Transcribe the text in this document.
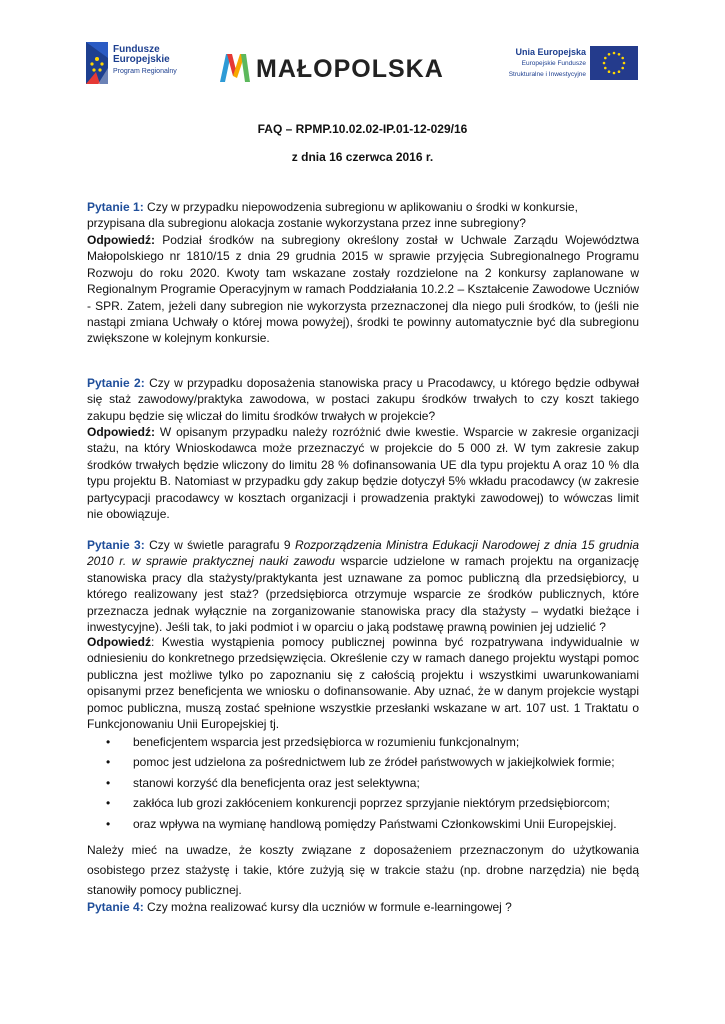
Fundusze
Europejskie
Program Regionalny	MAŁOPOLSKA
Unia Europejska
Europejskie Fundusze
Strukturalne i Inwestycyjne
FAQ – RPMP.10.02.02-IP.01-12-029/16
z dnia 16 czerwca 2016 r.
Pytanie 1: Czy w przypadku niepowodzenia subregionu w aplikowaniu o środki w konkursie, przypisana dla subregionu alokacja zostanie wykorzystana przez inne subregiony?
Odpowiedź: Podział środków na subregiony określony został w Uchwale Zarządu Województwa Małopolskiego nr 1810/15 z dnia 29 grudnia 2015 w sprawie przyjęcia Subregionalnego Programu Rozwoju do roku 2020. Kwoty tam wskazane zostały rozdzielone na 2 konkursy zaplanowane w Regionalnym Programie Operacyjnym w ramach Poddziałania 10.2.2 – Kształcenie Zawodowe Uczniów - SPR. Zatem, jeżeli dany subregion nie wykorzysta przeznaczonej dla niego puli środków, to (jeśli nie nastąpi zmiana Uchwały o której mowa powyżej), środki te powinny automatycznie być dla subregionu zwiększone w kolejnym konkursie.
Pytanie 2: Czy w przypadku doposażenia stanowiska pracy u Pracodawcy, u którego będzie odbywał się staż zawodowy/praktyka zawodowa, w postaci zakupu środków trwałych to czy koszt takiego zakupu będzie się wliczał do limitu środków trwałych w projekcie?
Odpowiedź: W opisanym przypadku należy rozróżnić dwie kwestie. Wsparcie w zakresie organizacji stażu, na który Wnioskodawca może przeznaczyć w projekcie do 5 000 zł. W tym zakresie zakup środków trwałych będzie wliczony do limitu 28 % dofinansowania UE dla typu projektu A oraz 10 % dla typu projektu B. Natomiast w przypadku gdy zakup będzie dotyczył 5% wkładu pracodawcy (w zakresie partycypacji pracodawcy w kosztach organizacji i prowadzenia praktyki zawodowej) to wówczas limit nie obowiązuje.
Pytanie 3: Czy w świetle paragrafu 9 Rozporządzenia Ministra Edukacji Narodowej z dnia 15 grudnia 2010 r. w sprawie praktycznej nauki zawodu wsparcie udzielone w ramach projektu na organizację stanowiska pracy dla stażysty/praktykanta jest uznawane za pomoc publiczną dla przedsiębiorcy, u którego realizowany jest staż? (przedsiębiorca otrzymuje wsparcie ze środków publicznych, które przeznacza jednak wyłącznie na zorganizowanie stanowiska pracy dla stażysty – wydatki bieżące i inwestycyjne). Jeśli tak, to jaki podmiot i w oparciu o jaką podstawę prawną powinien jej udzielić ?
Odpowiedź: Kwestia wystąpienia pomocy publicznej powinna być rozpatrywana indywidualnie w odniesieniu do konkretnego przedsięwzięcia. Określenie czy w ramach danego projektu wystąpi pomoc publiczna jest możliwe tylko po zapoznaniu się z całością projektu i wszystkimi uwarunkowaniami opisanymi przez beneficjenta we wniosku o dofinansowanie. Aby uznać, że w danym projekcie wystąpi pomoc publiczna, muszą zostać spełnione wszystkie przesłanki wskazane w art. 107 ust. 1 Traktatu o Funkcjonowaniu Unii Europejskiej tj.
• beneficjentem wsparcia jest przedsiębiorca w rozumieniu funkcjonalnym;
• pomoc jest udzielona za pośrednictwem lub ze źródeł państwowych w jakiejkolwiek formie;
• stanowi korzyść dla beneficjenta oraz jest selektywna;
• zakłóca lub grozi zakłóceniem konkurencji poprzez sprzyjanie niektórym przedsiębiorcom;
• oraz wpływa na wymianę handlową pomiędzy Państwami Członkowskimi Unii Europejskiej.
Należy mieć na uwadze, że koszty związane z doposażeniem przeznaczonym do użytkowania osobistego przez stażystę i takie, które zużyją się w trakcie stażu (np. drobne narzędzia) nie będą stanowiły pomocy publicznej.
Pytanie 4: Czy można realizować kursy dla uczniów w formule e-learningowej ?
